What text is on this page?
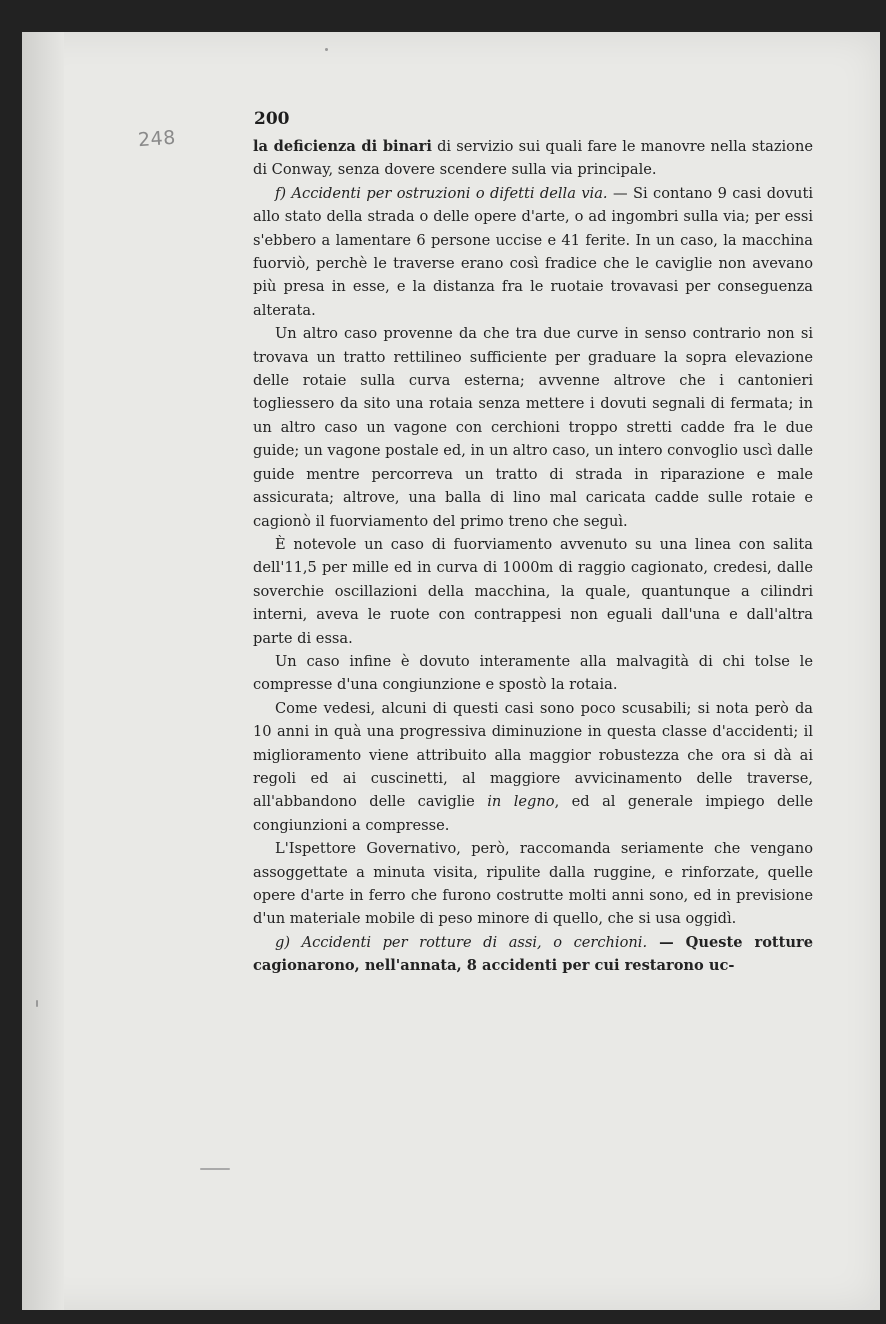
248
200

la deficienza di binari di servizio sui quali fare le manovre nella stazione di Conway, senza dovere scendere sulla via principale.

f) Accidenti per ostruzioni o difetti della via. — Si contano 9 casi dovuti allo stato della strada o delle opere d'arte, o ad ingombri sulla via; per essi s'ebbero a lamentare 6 persone uccise e 41 ferite. In un caso, la macchina fuorviò, perchè le traverse erano così fradice che le caviglie non avevano più presa in esse, e la distanza fra le ruotaie trovavasi per conseguenza alterata.

Un altro caso provenne da che tra due curve in senso contrario non si trovava un tratto rettilineo sufficiente per graduare la sopra elevazione delle rotaie sulla curva esterna; avvenne altrove che i cantonieri togliessero da sito una rotaia senza mettere i dovuti segnali di fermata; in un altro caso un vagone con cerchioni troppo stretti cadde fra le due guide; un vagone postale ed, in un altro caso, un intero convoglio uscì dalle guide mentre percorreva un tratto di strada in riparazione e male assicurata; altrove, una balla di lino mal caricata cadde sulle rotaie e cagionò il fuorviamento del primo treno che seguì.

È notevole un caso di fuorviamento avvenuto su una linea con salita dell'11,5 per mille ed in curva di 1000m di raggio cagionato, credesi, dalle soverchie oscillazioni della macchina, la quale, quantunque a cilindri interni, aveva le ruote con contrappesi non eguali dall'una e dall'altra parte di essa.

Un caso infine è dovuto interamente alla malvagità di chi tolse le compresse d'una congiunzione e spostò la rotaia.

Come vedesi, alcuni di questi casi sono poco scusabili; si nota però da 10 anni in quà una progressiva diminuzione in questa classe d'accidenti; il miglioramento viene attribuito alla maggior robustezza che ora si dà ai regoli ed ai cuscinetti, al maggiore avvicinamento delle traverse, all'abbandono delle caviglie in legno, ed al generale impiego delle congiunzioni a compresse.

L'Ispettore Governativo, però, raccomanda seriamente che vengano assoggettate a minuta visita, ripulite dalla ruggine, e rinforzate, quelle opere d'arte in ferro che furono costrutte molti anni sono, ed in previsione d'un materiale mobile di peso minore di quello, che si usa oggidì.

g) Accidenti per rotture di assi, o cerchioni. — Queste rotture cagionarono, nell'annata, 8 accidenti per cui restarono uc-
